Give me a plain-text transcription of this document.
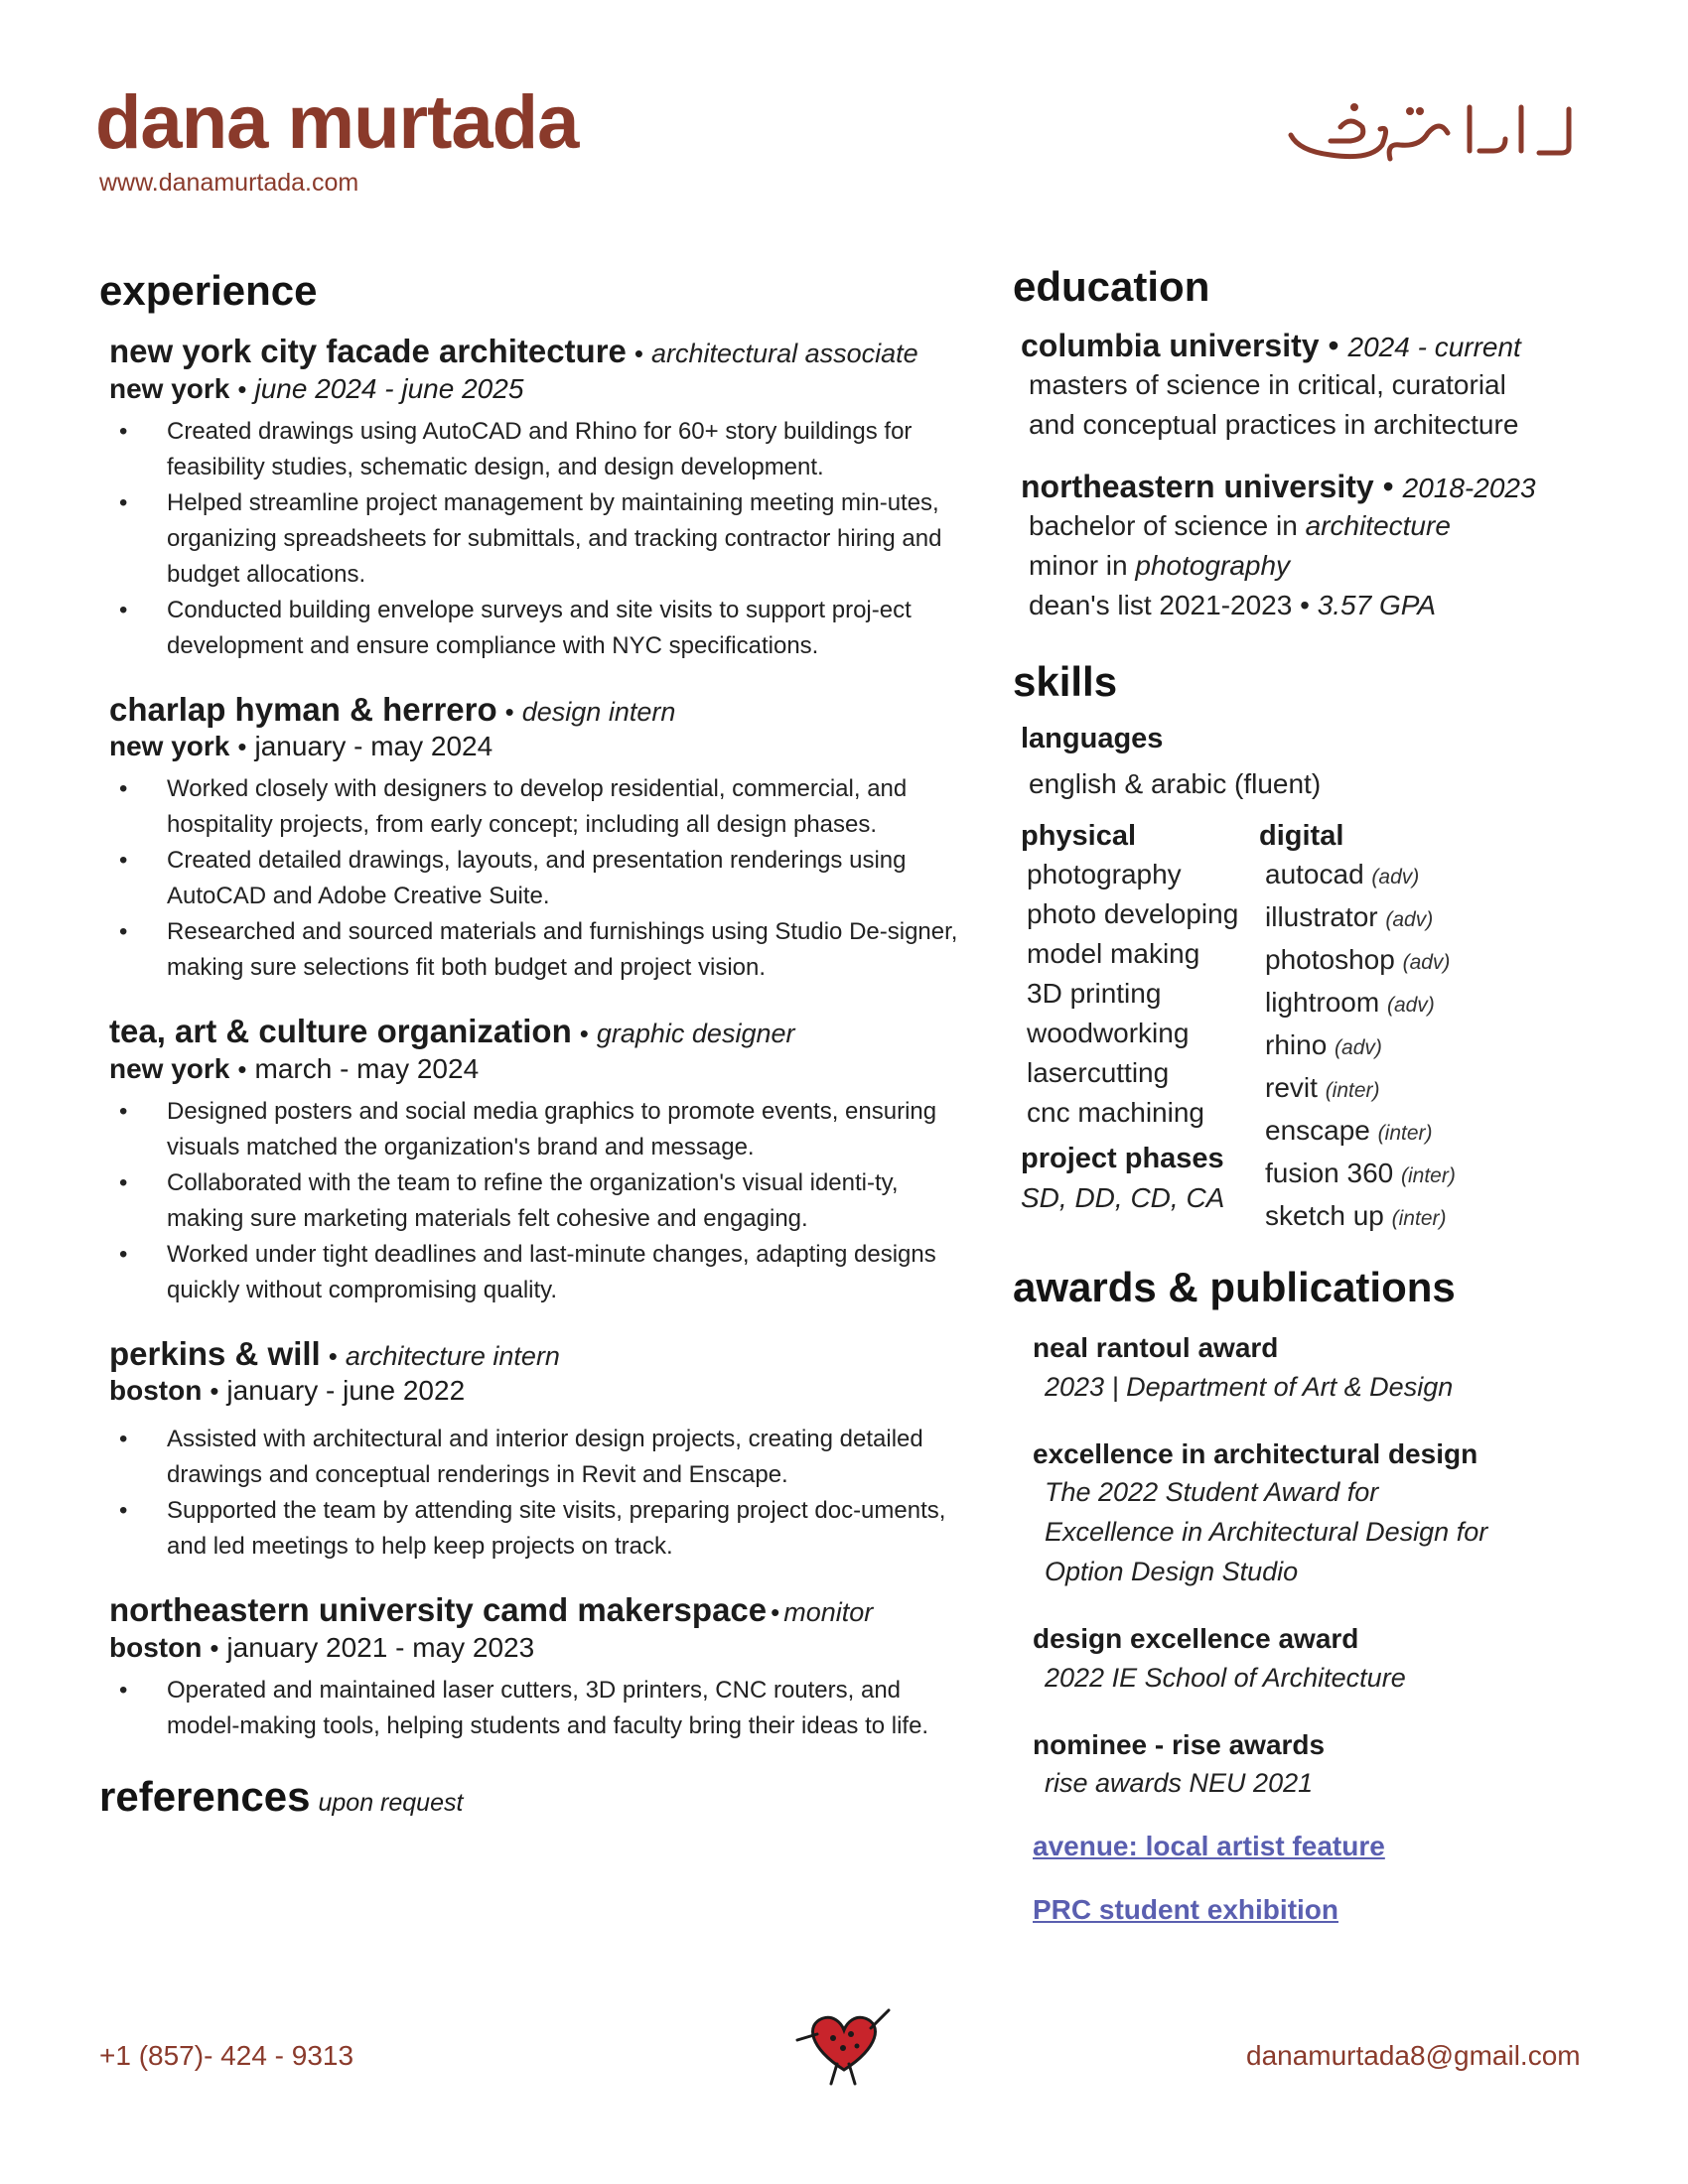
dana murtada
www.danamurtada.com
experience
new york city facade architecture • architectural associate
new york • june 2024 - june 2025
• Created drawings using AutoCAD and Rhino for 60+ story buildings for feasibility studies, schematic design, and design development.
• Helped streamline project management by maintaining meeting min-utes, organizing spreadsheets for submittals, and tracking contractor hiring and budget allocations.
• Conducted building envelope surveys and site visits to support proj-ect development and ensure compliance with NYC specifications.
charlap hyman & herrero • design intern
new york • january - may 2024
• Worked closely with designers to develop residential, commercial, and hospitality projects, from early concept; including all design phases.
• Created detailed drawings, layouts, and presentation renderings using AutoCAD and Adobe Creative Suite.
• Researched and sourced materials and furnishings using Studio De-signer, making sure selections fit both budget and project vision.
tea, art & culture organization • graphic designer
new york • march - may 2024
• Designed posters and social media graphics to promote events, ensuring visuals matched the organization's brand and message.
• Collaborated with the team to refine the organization's visual identi-ty, making sure marketing materials felt cohesive and engaging.
• Worked under tight deadlines and last-minute changes, adapting designs quickly without compromising quality.
perkins & will • architecture intern
boston • january - june 2022
• Assisted with architectural and interior design projects, creating detailed drawings and conceptual renderings in Revit and Enscape.
• Supported the team by attending site visits, preparing project doc-uments, and led meetings to help keep projects on track.
northeastern university camd makerspace • monitor
boston • january 2021 - may 2023
• Operated and maintained laser cutters, 3D printers, CNC routers, and model-making tools, helping students and faculty bring their ideas to life.
references upon request
education
columbia university • 2024 - current
masters of science in critical, curatorial
and conceptual practices in architecture
northeastern university • 2018-2023
bachelor of science in architecture
minor in photography
dean's list 2021-2023 • 3.57 GPA
skills
languages
english & arabic (fluent)
physical
photography
photo developing
model making
3D printing
woodworking
lasercutting
cnc machining
project phases
SD, DD, CD, CA
digital
autocad (adv)
illustrator (adv)
photoshop (adv)
lightroom (adv)
rhino (adv)
revit (inter)
enscape (inter)
fusion 360 (inter)
sketch up (inter)
awards & publications
neal rantoul award
2023 | Department of Art & Design
excellence in architectural design
The 2022 Student Award for
Excellence in Architectural Design for
Option Design Studio
design excellence award
2022 IE School of Architecture
nominee - rise awards
rise awards NEU 2021
avenue: local artist feature
PRC student exhibition
+1 (857)- 424 - 9313	danamurtada8@gmail.com
